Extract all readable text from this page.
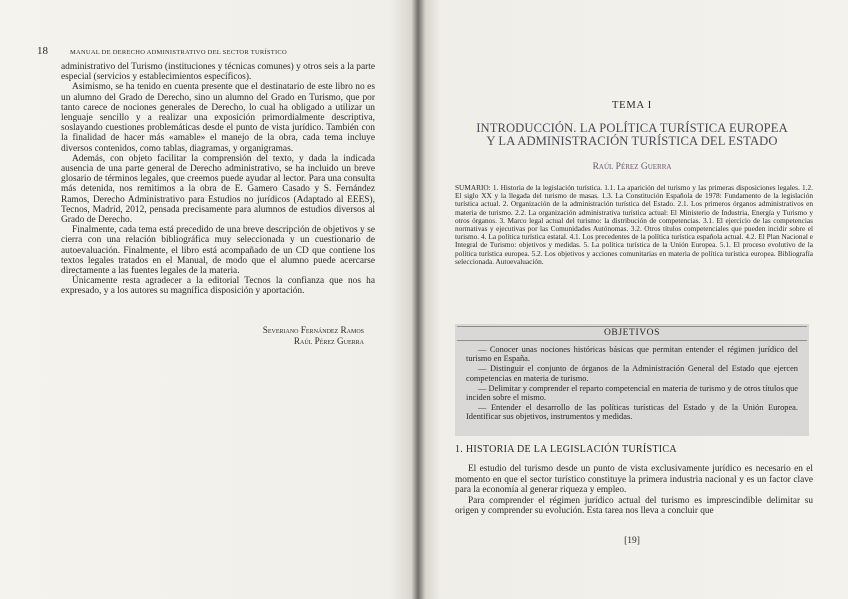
18	MANUAL DE DERECHO ADMINISTRATIVO DEL SECTOR TURÍSTICO

administrativo del Turismo (instituciones y técnicas comunes) y otros seis a la parte especial (servicios y establecimientos específicos).

Asimismo, se ha tenido en cuenta presente que el destinatario de este libro no es un alumno del Grado de Derecho, sino un alumno del Grado en Turismo, que por tanto carece de nociones generales de Derecho, lo cual ha obligado a utilizar un lenguaje sencillo y a realizar una exposición primordialmente descriptiva, soslayando cuestiones problemáticas desde el punto de vista jurídico. También con la finalidad de hacer más «amable» el manejo de la obra, cada tema incluye diversos contenidos, como tablas, diagramas, y organigramas.

Además, con objeto facilitar la comprensión del texto, y dada la indicada ausencia de una parte general de Derecho administrativo, se ha incluido un breve glosario de términos legales, que creemos puede ayudar al lector. Para una consulta más detenida, nos remitimos a la obra de E. Gamero Casado y S. Fernández Ramos, Derecho Administrativo para Estudios no jurídicos (Adaptado al EEES), Tecnos, Madrid, 2012, pensada precisamente para alumnos de estudios diversos al Grado de Derecho.

Finalmente, cada tema está precedido de una breve descripción de objetivos y se cierra con una relación bibliográfica muy seleccionada y un cuestionario de autoevaluación. Finalmente, el libro está acompañado de un CD que contiene los textos legales tratados en el Manual, de modo que el alumno puede acercarse directamente a las fuentes legales de la materia.

Únicamente resta agradecer a la editorial Tecnos la confianza que nos ha expresado, y a los autores su magnífica disposición y aportación.

Severiano Fernández Ramos
Raúl Pérez Guerra
TEMA I
INTRODUCCIÓN. LA POLÍTICA TURÍSTICA EUROPEA
Y LA ADMINISTRACIÓN TURÍSTICA DEL ESTADO
Raúl Pérez Guerra
SUMARIO: 1. Historia de la legislación turística. 1.1. La aparición del turismo y las primeras disposiciones legales. 1.2. El siglo XX y la llegada del turismo de masas. 1.3. La Constitución Española de 1978: Fundamento de la legislación turística actual. 2. Organización de la administración turística del Estado. 2.1. Los primeros órganos administrativos en materia de turismo. 2.2. La organización administrativa turística actual: El Ministerio de Industria, Energía y Turismo y otros órganos. 3. Marco legal actual del turismo: la distribución de competencias. 3.1. El ejercicio de las competencias normativas y ejecutivas por las Comunidades Autónomas. 3.2. Otros títulos competenciales que pueden incidir sobre el turismo. 4. La política turística estatal. 4.1. Los precedentes de la política turística española actual. 4.2. El Plan Nacional e Integral de Turismo: objetivos y medidas. 5. La política turística de la Unión Europea. 5.1. El proceso evolutivo de la política turística europea. 5.2. Los objetivos y acciones comunitarias en materia de política turística europea. Bibliografía seleccionada. Autoevaluación.
OBJETIVOS

— Conocer unas nociones históricas básicas que permitan entender el régimen jurídico del turismo en España.

— Distinguir el conjunto de órganos de la Administración General del Estado que ejercen competencias en materia de turismo.

— Delimitar y comprender el reparto competencial en materia de turismo y de otros títulos que inciden sobre el mismo.

— Entender el desarrollo de las políticas turísticas del Estado y de la Unión Europea. Identificar sus objetivos, instrumentos y medidas.

1. HISTORIA DE LA LEGISLACIÓN TURÍSTICA

El estudio del turismo desde un punto de vista exclusivamente jurídico es necesario en el momento en que el sector turístico constituye la primera industria nacional y es un factor clave para la economía al generar riqueza y empleo.

Para comprender el régimen jurídico actual del turismo es imprescindible delimitar su origen y comprender su evolución. Esta tarea nos lleva a concluir que

[19]
